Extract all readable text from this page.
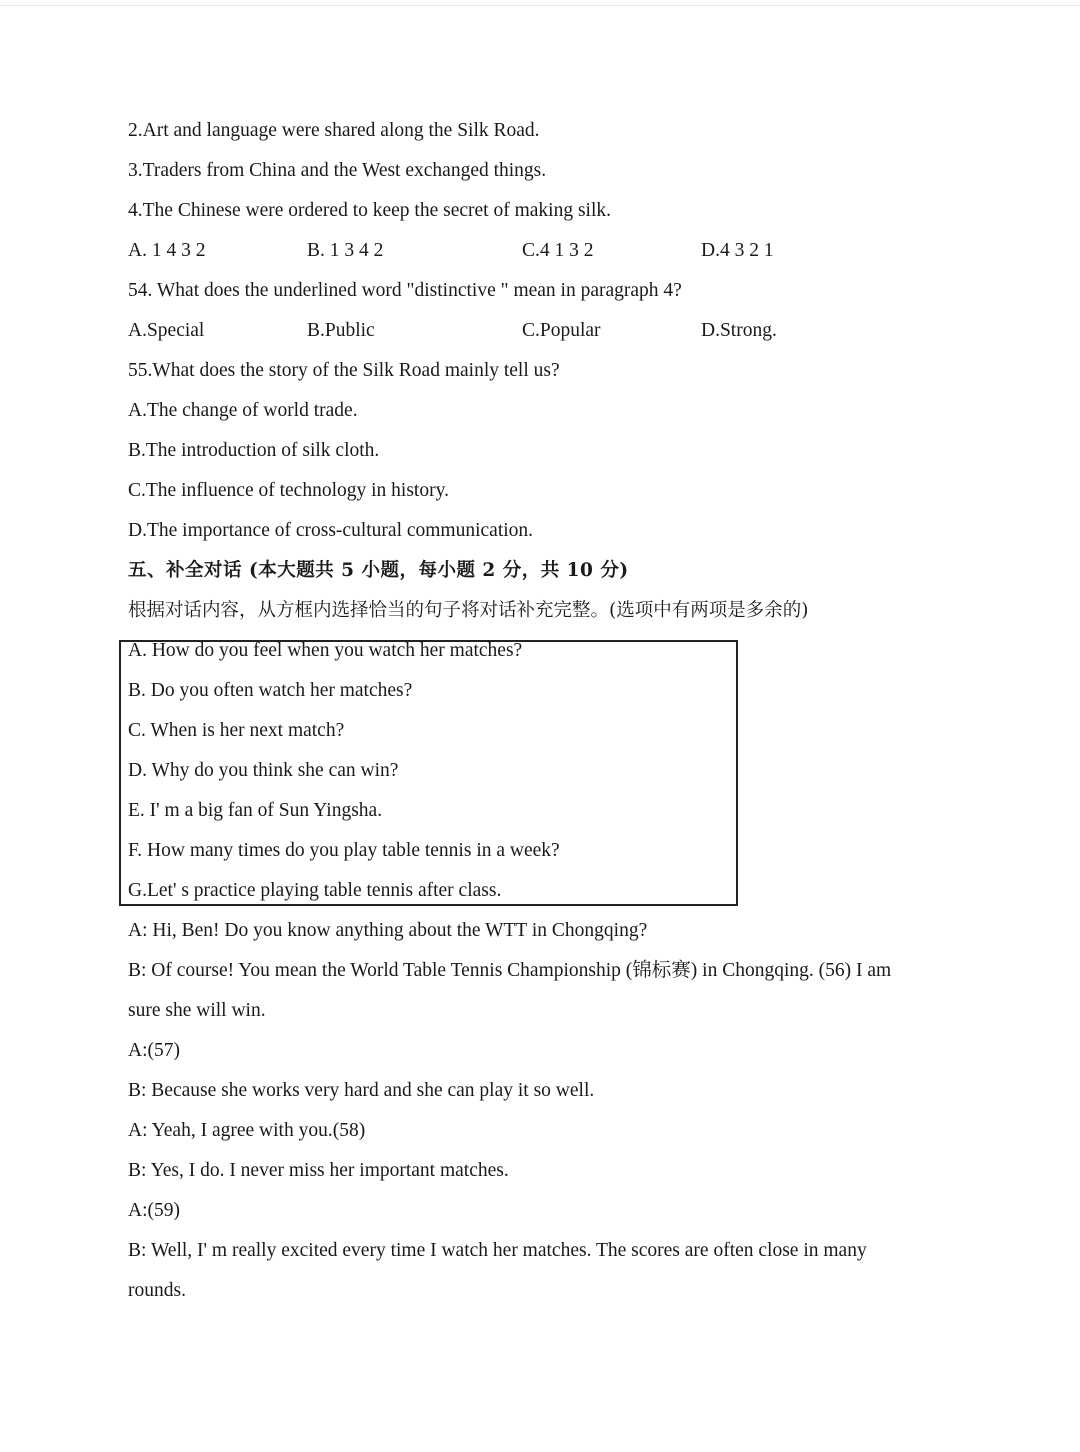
2.Art and language were shared along the Silk Road.
3.Traders from China and the West exchanged things.
4.The Chinese were ordered to keep the secret of making silk.
A. 1 4 3 2	B. 1 3 4 2	C.4 1 3 2	D.4 3 2 1
54. What does the underlined word "distinctive " mean in paragraph 4?
A.Special	B.Public	C.Popular	D.Strong.
55.What does the story of the Silk Road mainly tell us?
A.The change of world trade.
B.The introduction of silk cloth.
C.The influence of technology in history.
D.The importance of cross-cultural communication.
五、补全对话 (本大题共 5 小题，每小题 2 分，共 10 分)
根据对话内容，从方框内选择恰当的句子将对话补充完整。(选项中有两项是多余的)
A. How do you feel when you watch her matches?
B. Do you often watch her matches?
C. When is her next match?
D. Why do you think she can win?
E. I' m a big fan of Sun Yingsha.
F. How many times do you play table tennis in a week?
G.Let' s practice playing table tennis after class.
A: Hi, Ben! Do you know anything about the WTT in Chongqing?
B: Of course! You mean the World Table Tennis Championship (锦标赛) in Chongqing. (56) I am
sure she will win.
A:(57)
B: Because she works very hard and she can play it so well.
A: Yeah, I agree with you.(58)
B: Yes, I do. I never miss her important matches.
A:(59)
B: Well, I' m really excited every time I watch her matches. The scores are often close in many
rounds.
